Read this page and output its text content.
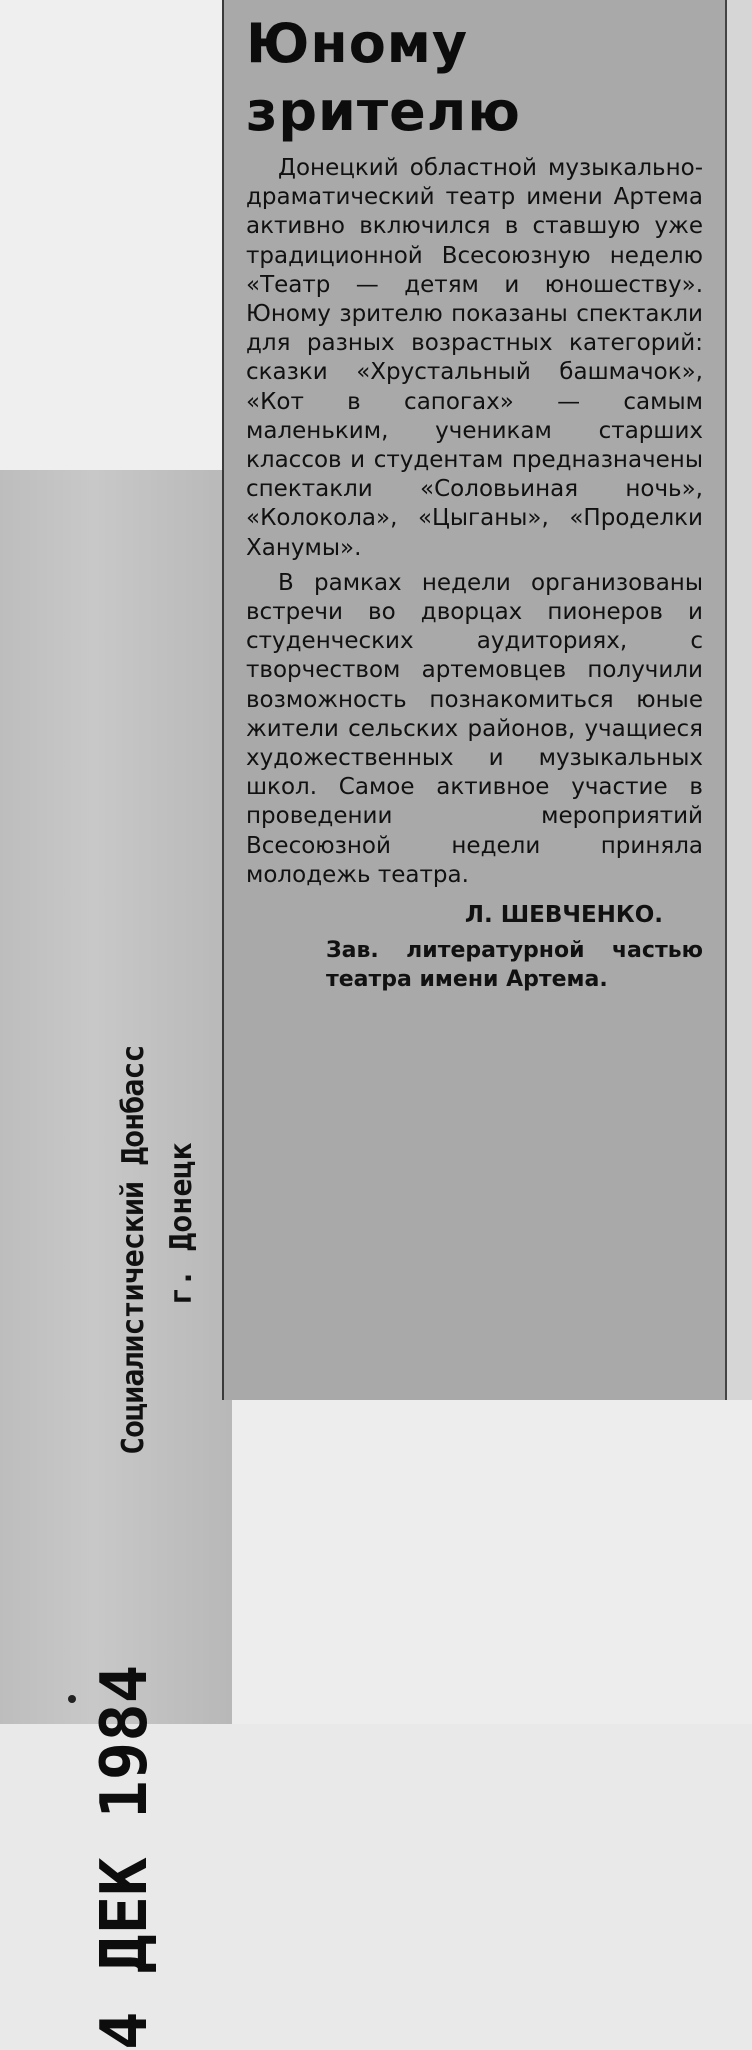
Социалистический Донбасс г. Донецк
4 ДЕК 1984
Юному
зрителю

Донецкий областной музыкально-драматический театр имени Артема активно включился в ставшую уже традиционной Всесоюзную неделю «Театр — детям и юношеству». Юному зрителю показаны спектакли для разных возрастных категорий: сказки «Хрустальный башмачок», «Кот в сапогах» — самым маленьким, ученикам старших классов и студентам предназначены спектакли «Соловьиная ночь», «Колокола», «Цыганы», «Проделки Ханумы».

В рамках недели организованы встречи во дворцах пионеров и студенческих аудиториях, с творчеством артемовцев получили возможность познакомиться юные жители сельских районов, учащиеся художественных и музыкальных школ. Самое активное участие в проведении мероприятий Всесоюзной недели приняла молодежь театра.

Л. ШЕВЧЕНКО.
Зав. литературной частью театра имени Артема.
